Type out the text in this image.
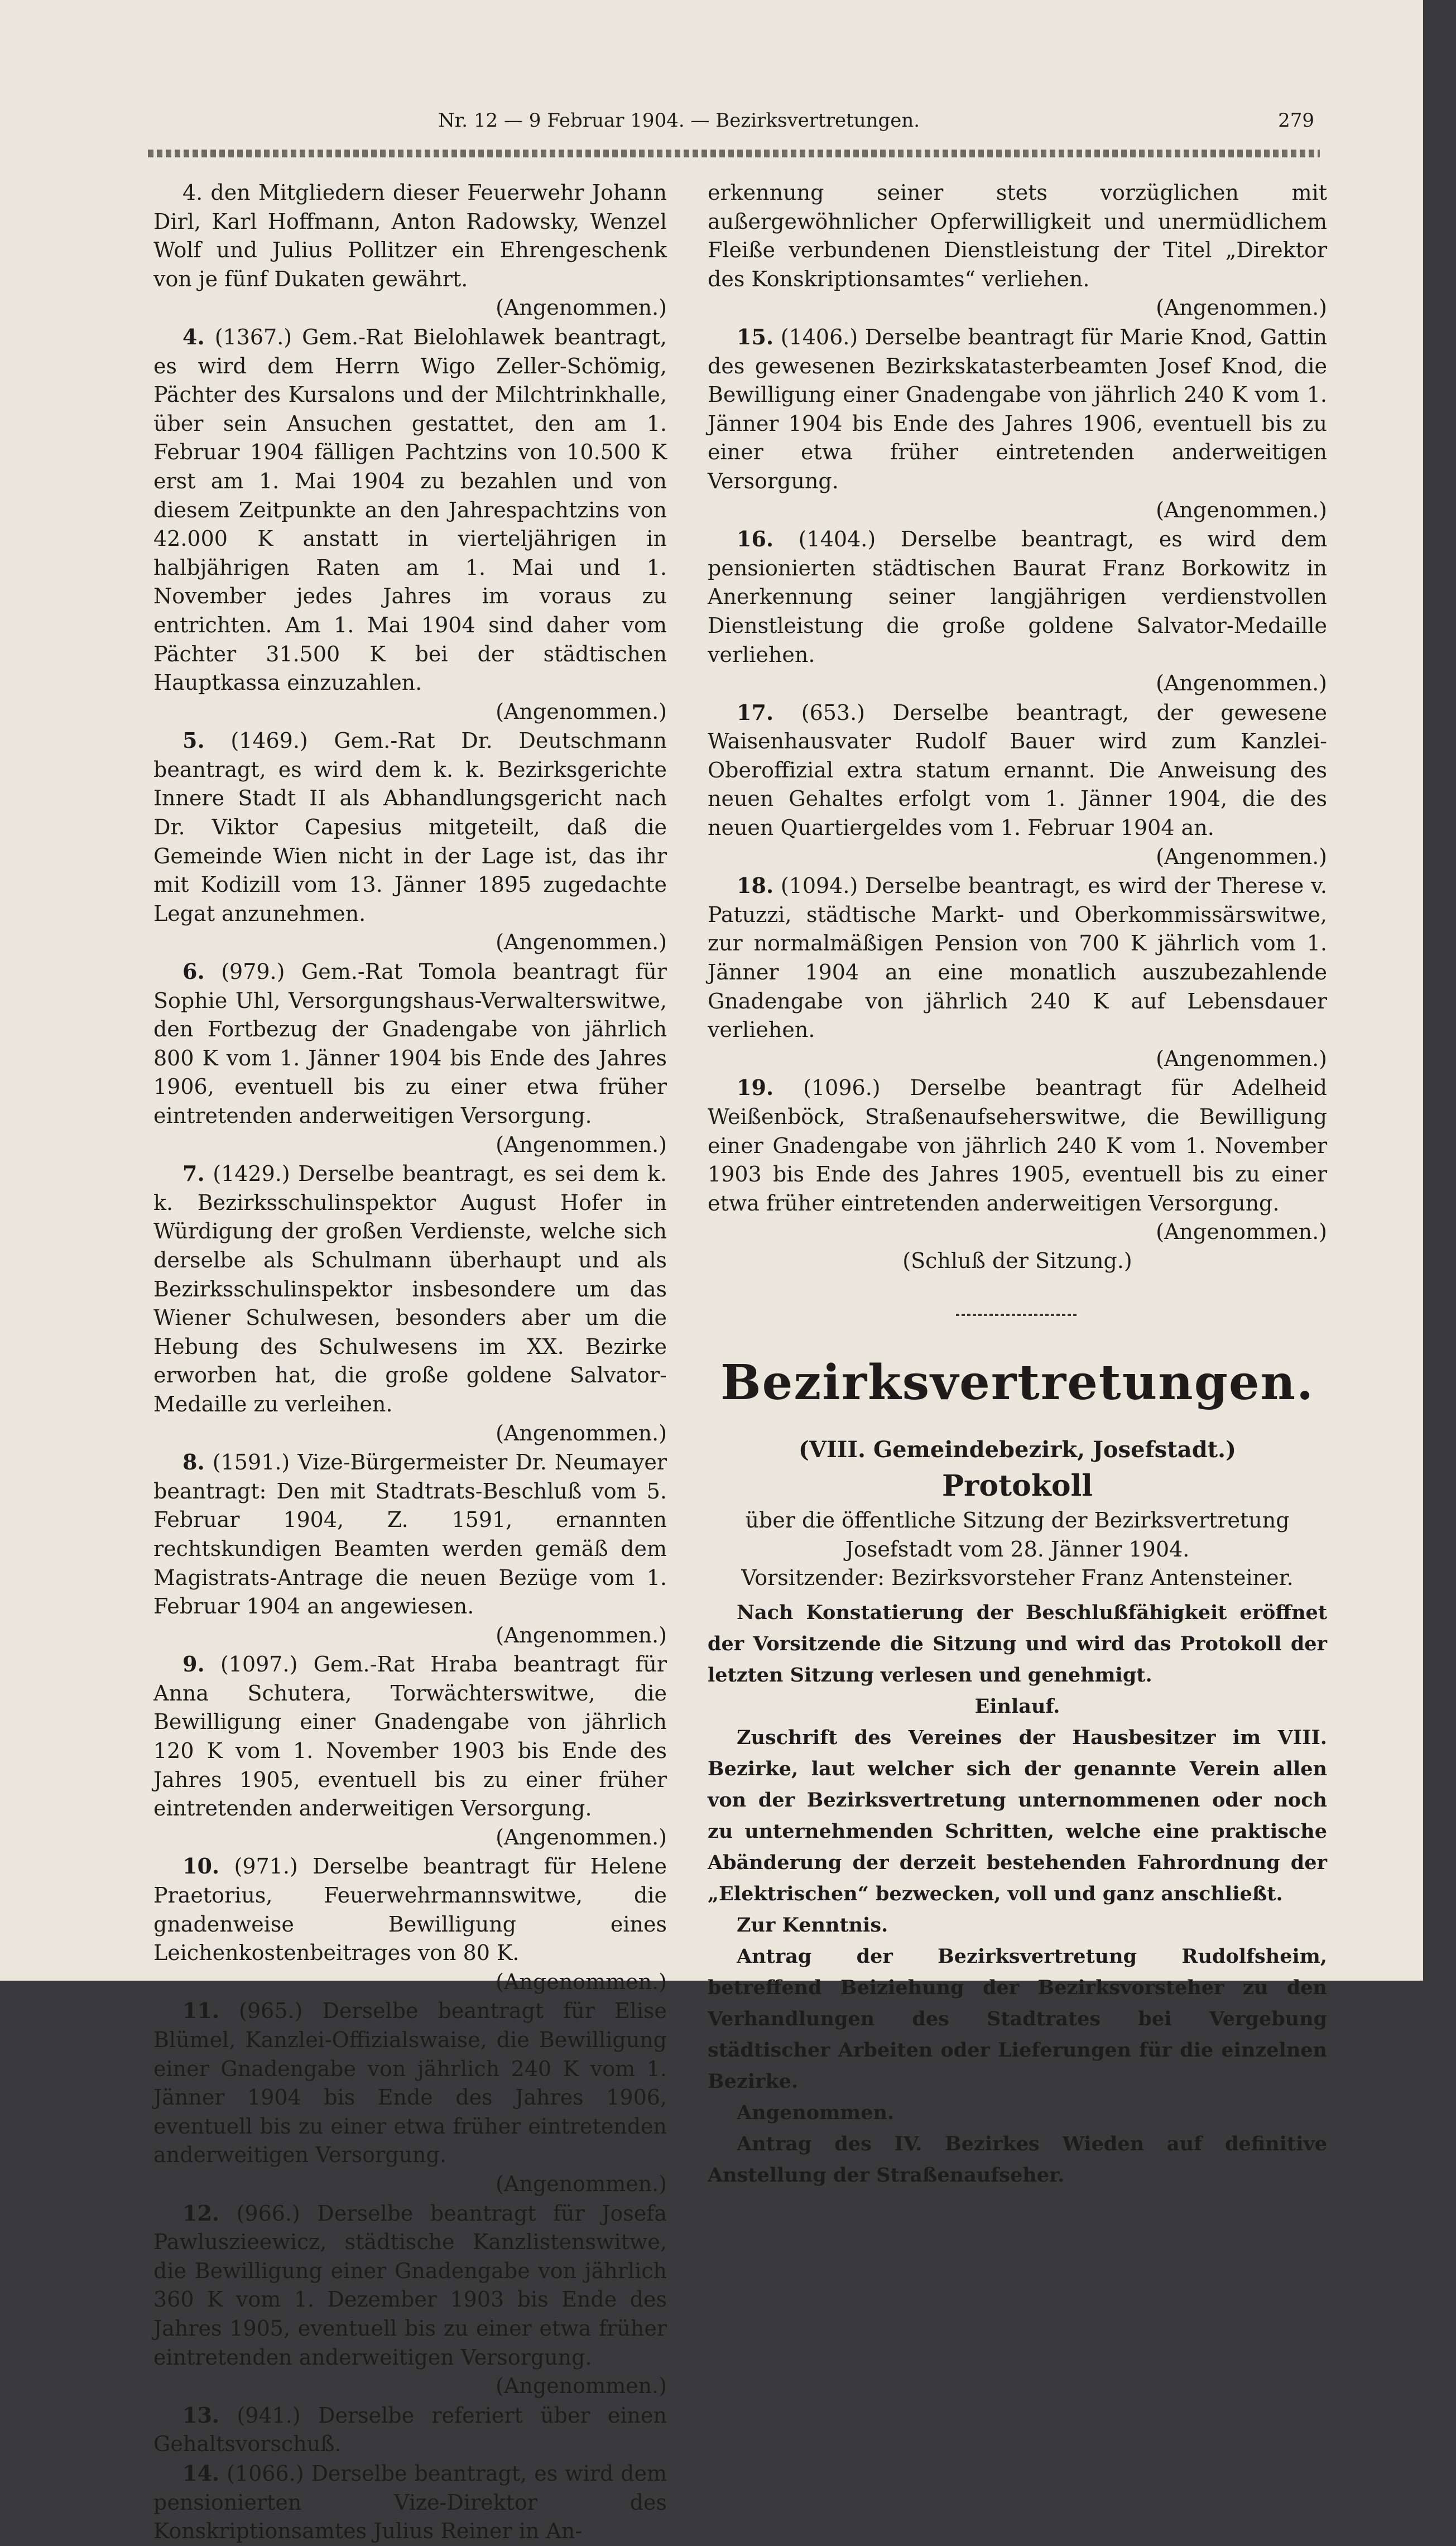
Nr. 12 — 9 Februar 1904. — Bezirksvertretungen.	279

4. den Mitgliedern dieser Feuerwehr Johann Dirl, Karl Hoffmann, Anton Radowsky, Wenzel Wolf und Julius Pollitzer ein Ehrengeschenk von je fünf Dukaten gewährt.

(Angenommen.)

4. (1367.) Gem.-Rat Bielohlawek beantragt, es wird dem Herrn Wigo Zeller-Schömig, Pächter des Kursalons und der Milchtrinkhalle, über sein Ansuchen gestattet, den am 1. Februar 1904 fälligen Pachtzins von 10.500 K erst am 1. Mai 1904 zu bezahlen und von diesem Zeitpunkte an den Jahrespachtzins von 42.000 K anstatt in vierteljährigen in halbjährigen Raten am 1. Mai und 1. November jedes Jahres im voraus zu entrichten. Am 1. Mai 1904 sind daher vom Pächter 31.500 K bei der städtischen Hauptkassa einzuzahlen.

(Angenommen.)

5. (1469.) Gem.-Rat Dr. Deutschmann beantragt, es wird dem k. k. Bezirksgerichte Innere Stadt II als Abhandlungsgericht nach Dr. Viktor Capesius mitgeteilt, daß die Gemeinde Wien nicht in der Lage ist, das ihr mit Kodizill vom 13. Jänner 1895 zugedachte Legat anzunehmen.

(Angenommen.)

6. (979.) Gem.-Rat Tomola beantragt für Sophie Uhl, Versorgungshaus-Verwalterswitwe, den Fortbezug der Gnadengabe von jährlich 800 K vom 1. Jänner 1904 bis Ende des Jahres 1906, eventuell bis zu einer etwa früher eintretenden anderweitigen Versorgung.

(Angenommen.)

7. (1429.) Derselbe beantragt, es sei dem k. k. Bezirksschulinspektor August Hofer in Würdigung der großen Verdienste, welche sich derselbe als Schulmann überhaupt und als Bezirksschulinspektor insbesondere um das Wiener Schulwesen, besonders aber um die Hebung des Schulwesens im XX. Bezirke erworben hat, die große goldene Salvator-Medaille zu verleihen.

(Angenommen.)

8. (1591.) Vize-Bürgermeister Dr. Neumayer beantragt: Den mit Stadtrats-Beschluß vom 5. Februar 1904, Z. 1591, ernannten rechtskundigen Beamten werden gemäß dem Magistrats-Antrage die neuen Bezüge vom 1. Februar 1904 an angewiesen.

(Angenommen.)

9. (1097.) Gem.-Rat Hraba beantragt für Anna Schutera, Torwächterswitwe, die Bewilligung einer Gnadengabe von jährlich 120 K vom 1. November 1903 bis Ende des Jahres 1905, eventuell bis zu einer früher eintretenden anderweitigen Versorgung.

(Angenommen.)

10. (971.) Derselbe beantragt für Helene Praetorius, Feuerwehrmannswitwe, die gnadenweise Bewilligung eines Leichenkostenbeitrages von 80 K.

(Angenommen.)

11. (965.) Derselbe beantragt für Elise Blümel, Kanzlei-Offizialswaise, die Bewilligung einer Gnadengabe von jährlich 240 K vom 1. Jänner 1904 bis Ende des Jahres 1906, eventuell bis zu einer etwa früher eintretenden anderweitigen Versorgung.

(Angenommen.)

12. (966.) Derselbe beantragt für Josefa Pawluszieewicz, städtische Kanzlistenswitwe, die Bewilligung einer Gnadengabe von jährlich 360 K vom 1. Dezember 1903 bis Ende des Jahres 1905, eventuell bis zu einer etwa früher eintretenden anderweitigen Versorgung.

(Angenommen.)

13. (941.) Derselbe referiert über einen Gehaltsvorschuß.

14. (1066.) Derselbe beantragt, es wird dem pensionierten Vize-Direktor des Konskriptionsamtes Julius Reiner in An-

erkennung seiner stets vorzüglichen mit außergewöhnlicher Opferwilligkeit und unermüdlichem Fleiße verbundenen Dienstleistung der Titel „Direktor des Konskriptionsamtes“ verliehen.

(Angenommen.)

15. (1406.) Derselbe beantragt für Marie Knod, Gattin des gewesenen Bezirkskatasterbeamten Josef Knod, die Bewilligung einer Gnadengabe von jährlich 240 K vom 1. Jänner 1904 bis Ende des Jahres 1906, eventuell bis zu einer etwa früher eintretenden anderweitigen Versorgung.

(Angenommen.)

16. (1404.) Derselbe beantragt, es wird dem pensionierten städtischen Baurat Franz Borkowitz in Anerkennung seiner langjährigen verdienstvollen Dienstleistung die große goldene Salvator-Medaille verliehen.

(Angenommen.)

17. (653.) Derselbe beantragt, der gewesene Waisenhausvater Rudolf Bauer wird zum Kanzlei-Oberoffizial extra statum ernannt. Die Anweisung des neuen Gehaltes erfolgt vom 1. Jänner 1904, die des neuen Quartiergeldes vom 1. Februar 1904 an.

(Angenommen.)

18. (1094.) Derselbe beantragt, es wird der Therese v. Patuzzi, städtische Markt- und Oberkommissärswitwe, zur normalmäßigen Pension von 700 K jährlich vom 1. Jänner 1904 an eine monatlich auszubezahlende Gnadengabe von jährlich 240 K auf Lebensdauer verliehen.

(Angenommen.)

19. (1096.) Derselbe beantragt für Adelheid Weißenböck, Straßenaufseherswitwe, die Bewilligung einer Gnadengabe von jährlich 240 K vom 1. November 1903 bis Ende des Jahres 1905, eventuell bis zu einer etwa früher eintretenden anderweitigen Versorgung.

(Angenommen.)

(Schluß der Sitzung.)

Bezirksvertretungen.
(VIII. Gemeindebezirk, Josefstadt.)
Protokoll

über die öffentliche Sitzung der Bezirksvertretung Josefstadt vom 28. Jänner 1904.

Vorsitzender: Bezirksvorsteher Franz Antensteiner.

Nach Konstatierung der Beschlußfähigkeit eröffnet der Vorsitzende die Sitzung und wird das Protokoll der letzten Sitzung verlesen und genehmigt.

Einlauf.

Zuschrift des Vereines der Hausbesitzer im VIII. Bezirke, laut welcher sich der genannte Verein allen von der Bezirksvertretung unternommenen oder noch zu unternehmenden Schritten, welche eine praktische Abänderung der derzeit bestehenden Fahrordnung der „Elektrischen“ bezwecken, voll und ganz anschließt.

Zur Kenntnis.

Antrag der Bezirksvertretung Rudolfsheim, betreffend Beiziehung der Bezirksvorsteher zu den Verhandlungen des Stadtrates bei Vergebung städtischer Arbeiten oder Lieferungen für die einzelnen Bezirke.

Angenommen.

Antrag des IV. Bezirkes Wieden auf definitive Anstellung der Straßenaufseher.
